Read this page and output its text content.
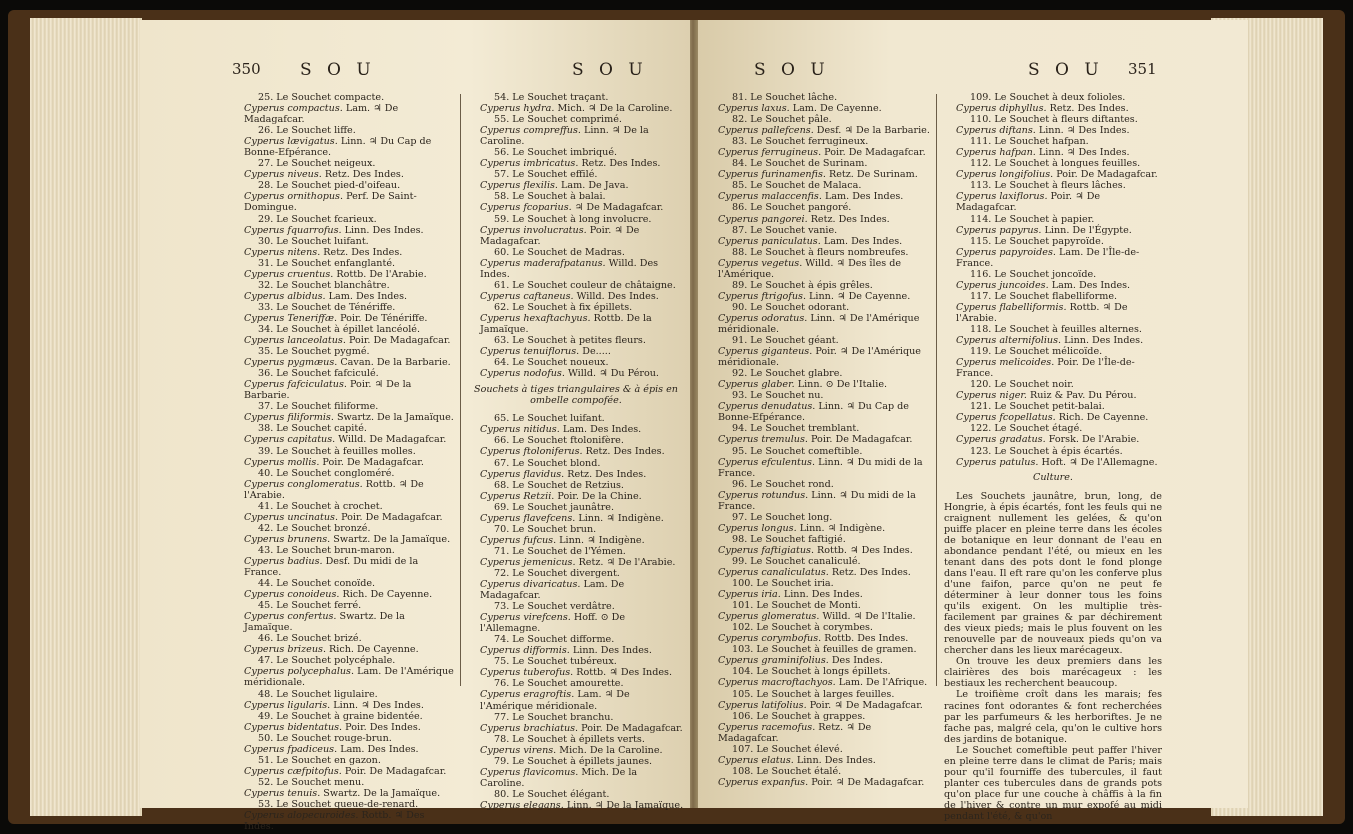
350 S O U	S O U
25. Le Souchet compacte.
Cyperus compactus. Lam. ♃ De Madagafcar.
26. Le Souchet liffe.
Cyperus lævigatus. Linn. ♃ Du Cap de Bonne-Efpérance.
27. Le Souchet neigeux.
Cyperus niveus. Retz. Des Indes.
28. Le Souchet pied-d'oifeau.
Cyperus ornithopus. Perf. De Saint-Domingue.
29. Le Souchet fcarieux.
Cyperus fquarrofus. Linn. Des Indes.
30. Le Souchet luifant.
Cyperus nitens. Retz. Des Indes.
31. Le Souchet enfanglanté.
Cyperus cruentus. Rottb. De l'Arabie.
32. Le Souchet blanchâtre.
Cyperus albidus. Lam. Des Indes.
33. Le Souchet de Ténériffe.
Cyperus Teneriffæ. Poir. De Ténériffe.
34. Le Souchet à épillet lancéolé.
Cyperus lanceolatus. Poir. De Madagafcar.
35. Le Souchet pygmé.
Cyperus pygmæus. Cavan. De la Barbarie.
36. Le Souchet fafciculé.
Cyperus fafciculatus. Poir. ♃ De la Barbarie.
37. Le Souchet filiforme.
Cyperus filiformis. Swartz. De la Jamaïque.
38. Le Souchet capité.
Cyperus capitatus. Willd. De Madagafcar.
39. Le Souchet à feuilles molles.
Cyperus mollis. Poir. De Madagafcar.
40. Le Souchet congloméré.
Cyperus conglomeratus. Rottb. ♃ De l'Arabie.
41. Le Souchet à crochet.
Cyperus uncinatus. Poir. De Madagafcar.
42. Le Souchet bronzé.
Cyperus brunens. Swartz. De la Jamaïque.
43. Le Souchet brun-maron.
Cyperus badius. Desf. Du midi de la France.
44. Le Souchet conoïde.
Cyperus conoideus. Rich. De Cayenne.
45. Le Souchet ferré.
Cyperus confertus. Swartz. De la Jamaïque.
46. Le Souchet brizé.
Cyperus brizeus. Rich. De Cayenne.
47. Le Souchet polycéphale.
Cyperus polycephalus. Lam. De l'Amérique méridionale.
48. Le Souchet ligulaire.
Cyperus ligularis. Linn. ♃ Des Indes.
49. Le Souchet à graine bidentée.
Cyperus bidentatus. Poir. Des Indes.
50. Le Souchet rouge-brun.
Cyperus fpadiceus. Lam. Des Indes.
51. Le Souchet en gazon.
Cyperus cæfpitofus. Poir. De Madagafcar.
52. Le Souchet menu.
Cyperus tenuis. Swartz. De la Jamaïque.
53. Le Souchet queue-de-renard.
Cyperus alopecuroides. Rottb. ♃ Des Indes.
54. Le Souchet traçant.
Cyperus hydra. Mich. ♃ De la Caroline.
55. Le Souchet comprimé.
Cyperus compreffus. Linn. ♃ De la Caroline.
56. Le Souchet imbriqué.
Cyperus imbricatus. Retz. Des Indes.
57. Le Souchet effilé.
Cyperus flexilis. Lam. De Java.
58. Le Souchet à balai.
Cyperus fcoparius. ♃ De Madagafcar.
59. Le Souchet à long involucre.
Cyperus involucratus. Poir. ♃ De Madagafcar.
60. Le Souchet de Madras.
Cyperus maderafpatanus. Willd. Des Indes.
61. Le Souchet couleur de châtaigne.
Cyperus caftaneus. Willd. Des Indes.
62. Le Souchet à fix épillets.
Cyperus hexaftachyus. Rottb. De la Jamaïque.
63. Le Souchet à petites fleurs.
Cyperus tenuiflorus. De.....
64. Le Souchet noueux.
Cyperus nodofus. Willd. ♃ Du Pérou.
Souchets à tiges triangulaires & à épis en ombelle compofée.
65. Le Souchet luifant.
Cyperus nitidus. Lam. Des Indes.
66. Le Souchet ftolonifère.
Cyperus ftoloniferus. Retz. Des Indes.
67. Le Souchet blond.
Cyperus flavidus. Retz. Des Indes.
68. Le Souchet de Retzius.
Cyperus Retzii. Poir. De la Chine.
69. Le Souchet jaunâtre.
Cyperus flavefcens. Linn. ♃ Indigène.
70. Le Souchet brun.
Cyperus fufcus. Linn. ♃ Indigène.
71. Le Souchet de l'Yémen.
Cyperus jemenicus. Retz. ♃ De l'Arabie.
72. Le Souchet divergent.
Cyperus divaricatus. Lam. De Madagafcar.
73. Le Souchet verdâtre.
Cyperus virefcens. Hoff. ⊙ De l'Allemagne.
74. Le Souchet difforme.
Cyperus difformis. Linn. Des Indes.
75. Le Souchet tubéreux.
Cyperus tuberofus. Rottb. ♃ Des Indes.
76. Le Souchet amourette.
Cyperus eragroftis. Lam. ♃ De l'Amérique méridionale.
77. Le Souchet branchu.
Cyperus brachiatus. Poir. De Madagafcar.
78. Le Souchet à épillets verts.
Cyperus virens. Mich. De la Caroline.
79. Le Souchet à épillets jaunes.
Cyperus flavicomus. Mich. De la Caroline.
80. Le Souchet élégant.
Cyperus elegans. Linn. ♃ De la Jamaïque.
S O U	S O U 351
81. Le Souchet lâche.
Cyperus laxus. Lam. De Cayenne.
82. Le Souchet pâle.
Cyperus pallefcens. Desf. ♃ De la Barbarie.
83. Le Souchet ferrugineux.
Cyperus ferrugineus. Poir. De Madagafcar.
84. Le Souchet de Surinam.
Cyperus furinamenfis. Retz. De Surinam.
85. Le Souchet de Malaca.
Cyperus malaccenfis. Lam. Des Indes.
86. Le Souchet pangoré.
Cyperus pangorei. Retz. Des Indes.
87. Le Souchet vanie.
Cyperus paniculatus. Lam. Des Indes.
88. Le Souchet à fleurs nombreufes.
Cyperus vegetus. Willd. ♃ Des îles de l'Amérique.
89. Le Souchet à épis grêles.
Cyperus ftrigofus. Linn. ♃ De Cayenne.
90. Le Souchet odorant.
Cyperus odoratus. Linn. ♃ De l'Amérique méridionale.
91. Le Souchet géant.
Cyperus giganteus. Poir. ♃ De l'Amérique méridionale.
92. Le Souchet glabre.
Cyperus glaber. Linn. ⊙ De l'Italie.
93. Le Souchet nu.
Cyperus denudatus. Linn. ♃ Du Cap de Bonne-Efpérance.
94. Le Souchet tremblant.
Cyperus tremulus. Poir. De Madagafcar.
95. Le Souchet comeftible.
Cyperus efculentus. Linn. ♃ Du midi de la France.
96. Le Souchet rond.
Cyperus rotundus. Linn. ♃ Du midi de la France.
97. Le Souchet long.
Cyperus longus. Linn. ♃ Indigène.
98. Le Souchet faftigié.
Cyperus faftigiatus. Rottb. ♃ Des Indes.
99. Le Souchet canaliculé.
Cyperus canaliculatus. Retz. Des Indes.
100. Le Souchet iria.
Cyperus iria. Linn. Des Indes.
101. Le Souchet de Monti.
Cyperus glomeratus. Willd. ♃ De l'Italie.
102. Le Souchet à corymbes.
Cyperus corymbofus. Rottb. Des Indes.
103. Le Souchet à feuilles de gramen.
Cyperus graminifolius. Des Indes.
104. Le Souchet à longs épillets.
Cyperus macroftachyos. Lam. De l'Afrique.
105. Le Souchet à larges feuilles.
Cyperus latifolius. Poir. ♃ De Madagafcar.
106. Le Souchet à grappes.
Cyperus racemofus. Retz. ♃ De Madagafcar.
107. Le Souchet élevé.
Cyperus elatus. Linn. Des Indes.
108. Le Souchet étalé.
Cyperus expanfus. Poir. ♃ De Madagafcar.
109. Le Souchet à deux folioles.
Cyperus diphyllus. Retz. Des Indes.
110. Le Souchet à fleurs diftantes.
Cyperus diftans. Linn. ♃ Des Indes.
111. Le Souchet hafpan.
Cyperus hafpan. Linn. ♃ Des Indes.
112. Le Souchet à longues feuilles.
Cyperus longifolius. Poir. De Madagafcar.
113. Le Souchet à fleurs lâches.
Cyperus laxiflorus. Poir. ♃ De Madagafcar.
114. Le Souchet à papier.
Cyperus papyrus. Linn. De l'Égypte.
115. Le Souchet papyroïde.
Cyperus papyroides. Lam. De l'Île-de-France.
116. Le Souchet joncoïde.
Cyperus juncoides. Lam. Des Indes.
117. Le Souchet flabelliforme.
Cyperus flabelliformis. Rottb. ♃ De l'Arabie.
118. Le Souchet à feuilles alternes.
Cyperus alternifolius. Linn. Des Indes.
119. Le Souchet mélicoïde.
Cyperus melicoides. Poir. De l'Île-de-France.
120. Le Souchet noir.
Cyperus niger. Ruiz & Pav. Du Pérou.
121. Le Souchet petit-balai.
Cyperus fcopellatus. Rich. De Cayenne.
122. Le Souchet étagé.
Cyperus gradatus. Forsk. De l'Arabie.
123. Le Souchet à épis écartés.
Cyperus patulus. Hoft. ♃ De l'Allemagne.
Culture.

Les Souchets jaunâtre, brun, long, de Hongrie, à épis écartés, font les feuls qui ne craignent nullement les gelées, & qu'on puiffe placer en pleine terre dans les écoles de botanique en leur donnant de l'eau en abondance pendant l'été, ou mieux en les tenant dans des pots dont le fond plonge dans l'eau. Il eft rare qu'on les conferve plus d'une faifon, parce qu'on ne peut fe déterminer à leur donner tous les foins qu'ils exigent. On les multiplie très-facilement par graines & par déchirement des vieux pieds; mais le plus fouvent on les renouvelle par de nouveaux pieds qu'on va chercher dans les lieux marécageux.

On trouve les deux premiers dans les clairières des bois marécageux : les bestiaux les recherchent beaucoup.

Le troifième croît dans les marais; fes racines font odorantes & font recherchées par les parfumeurs & les herboriftes. Je ne fache pas, malgré cela, qu'on le cultive hors des jardins de botanique.

Le Souchet comeftible peut paffer l'hiver en pleine terre dans le climat de Paris; mais pour qu'il fourniffe des tubercules, il faut planter ces tubercules dans de grands pots qu'on place fur une couche à châffis à la fin de l'hiver & contre un mur expofé au midi pendant l'été, & qu'on
